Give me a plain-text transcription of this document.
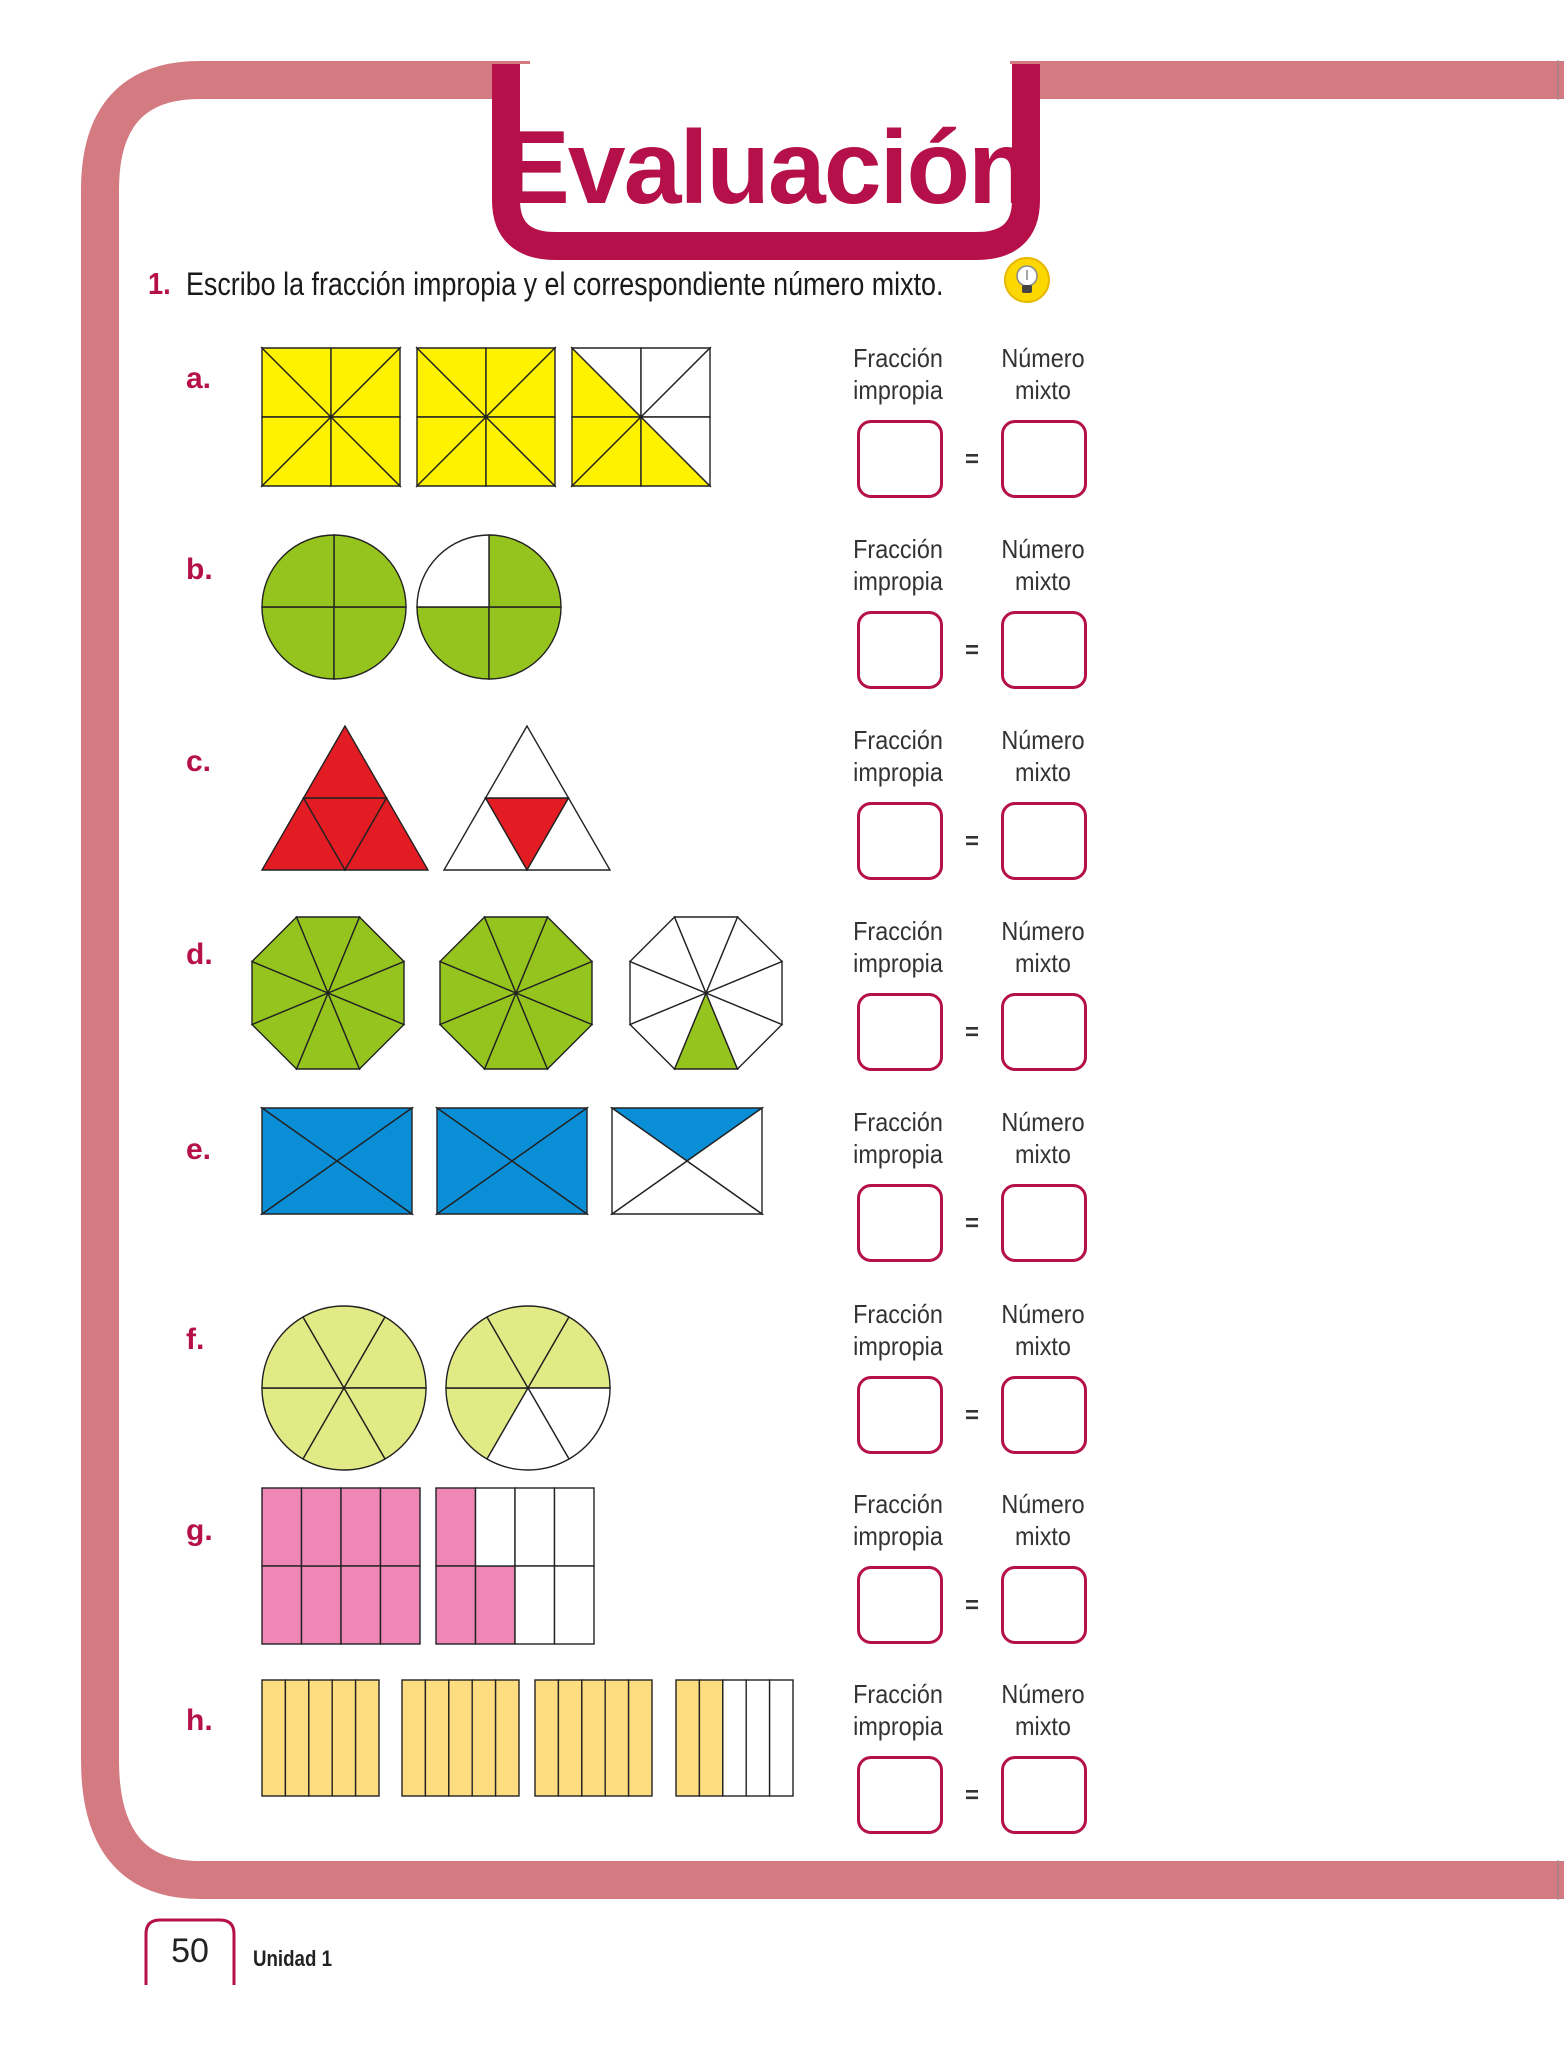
Evaluación
1. Escribo la fracción impropia y el correspondiente número mixto.
a.
Fracción
impropia
Número
mixto
=
b.
Fracción
impropia
Número
mixto
=
c.
Fracción
impropia
Número
mixto
=
d.
Fracción
impropia
Número
mixto
=
e.
Fracción
impropia
Número
mixto
=
f.
Fracción
impropia
Número
mixto
=
g.
Fracción
impropia
Número
mixto
=
h.
Fracción
impropia
Número
mixto
=
50	Unidad 1
